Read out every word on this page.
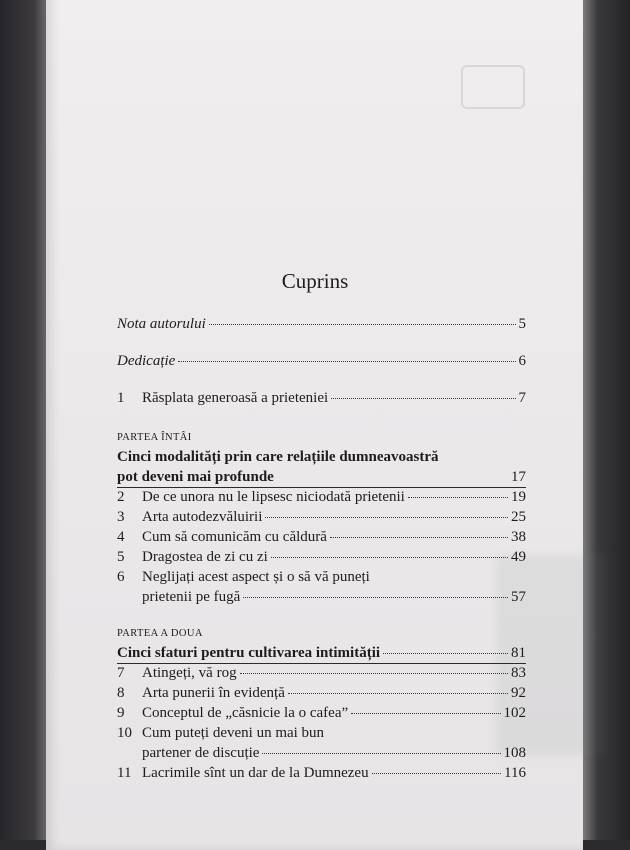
Cuprins
Nota autorului	5
Dedicație	6
1	Răsplata generoasă a prieteniei	7
PARTEA ÎNTÂI
Cinci modalități prin care relațiile dumneavoastră
pot deveni mai profunde	17
2	De ce unora nu le lipsesc niciodată prietenii	19
3	Arta autodezvăluirii	25
4	Cum să comunicăm cu căldură	38
5	Dragostea de zi cu zi	49
6	Neglijați acest aspect și o să vă puneți
prietenii pe fugă	57
PARTEA A DOUA
Cinci sfaturi pentru cultivarea intimității	81
7	Atingeți, vă rog	83
8	Arta punerii în evidență	92
9	Conceptul de „căsnicie la o cafea”	102
10 Cum puteți deveni un mai bun
partener de discuție	108
11 Lacrimile sînt un dar de la Dumnezeu	116
